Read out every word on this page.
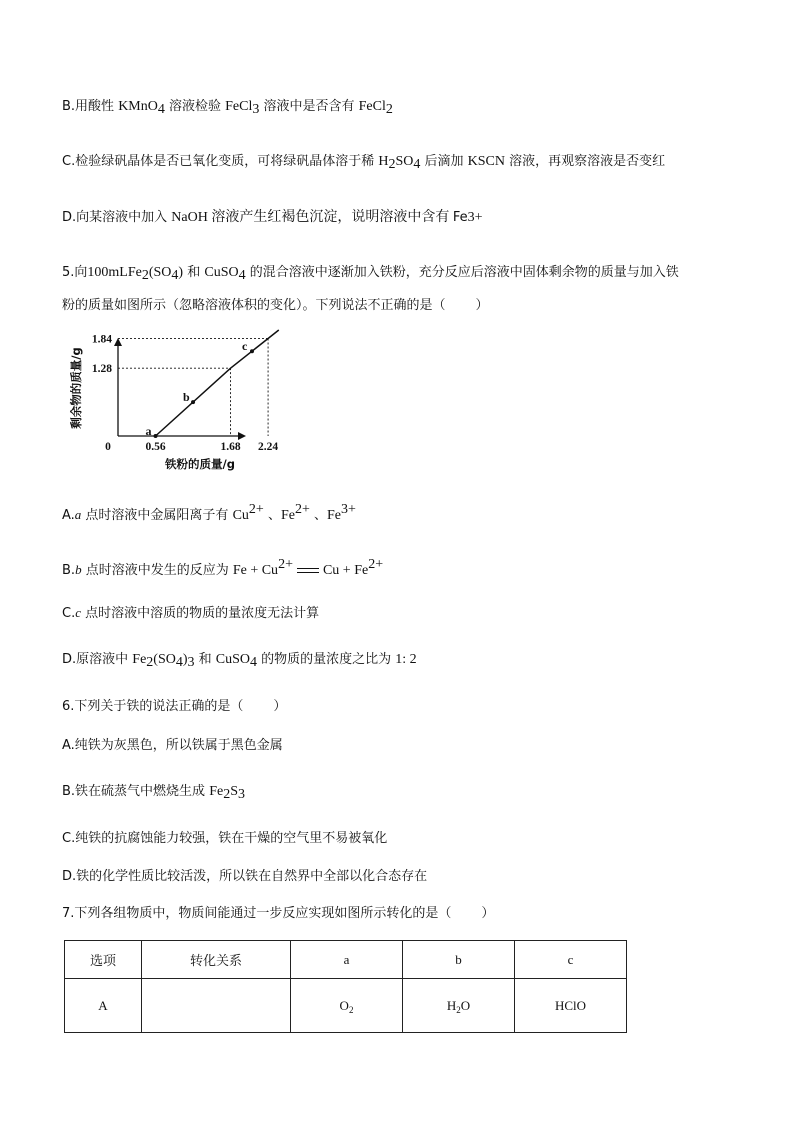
B.用酸性 KMnO$_4$ 溶液检验 FeCl$_3$ 溶液中是否含有 FeCl$_2$
C.检验绿矾晶体是否已氧化变质，可将绿矾晶体溶于稀 $H_2SO_4$ 后滴加 KSCN 溶液，再观察溶液是否变红
D.向某溶液中加入 NaOH 溶液产生红褐色沉淀，说明溶液中含有 Fe3+
5.向$100mLFe_2(SO_4)$ 和 CuSO$_4$ 的混合溶液中逐渐加入铁粉，充分反应后溶液中固体剩余物的质量与加入铁
粉的质量如图所示（忽略溶液体积的变化）。下列说法不正确的是（ ）
a
b
c
0.56	1.68 2.24
0
1.28
1.84
铁粉的质量/g
剩余物的质量/g
A.a 点时溶液中金属阳离子有 $Cu^{2+}$ 、$Fe^{2+}$ 、$Fe^{3+}$
B.b 点时溶液中发生的反应为 $Fe + Cu^{2+}$ $Cu + Fe^{2+}$
C.c 点时溶液中溶质的物质的量浓度无法计算
D.原溶液中 $Fe_2(SO_4)_3$ 和 CuSO$_4$ 的物质的量浓度之比为 1: 2
6.下列关于铁的说法正确的是（ ）
A.纯铁为灰黑色，所以铁属于黑色金属
B.铁在硫蒸气中燃烧生成 $Fe_2S_3$
C.纯铁的抗腐蚀能力较强，铁在干燥的空气里不易被氧化
D.铁的化学性质比较活泼，所以铁在自然界中全部以化合态存在
7.下列各组物质中，物质间能通过一步反应实现如图所示转化的是（ ）
选项	转化关系	a	b	c
A		$O_2$	$H_2O$	HClO
